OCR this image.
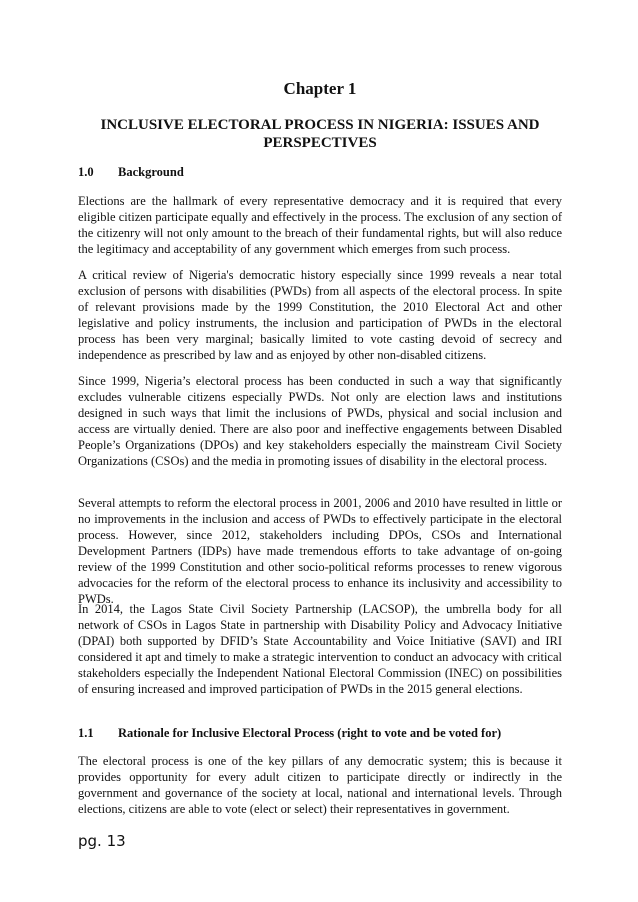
Chapter 1
INCLUSIVE ELECTORAL PROCESS IN NIGERIA: ISSUES AND PERSPECTIVES
1.0 Background

Elections are the hallmark of every representative democracy and it is required that every eligible citizen participate equally and effectively in the process. The exclusion of any section of the citizenry will not only amount to the breach of their fundamental rights, but will also reduce the legitimacy and acceptability of any government which emerges from such process.

A critical review of Nigeria's democratic history especially since 1999 reveals a near total exclusion of persons with disabilities (PWDs) from all aspects of the electoral process. In spite of relevant provisions made by the 1999 Constitution, the 2010 Electoral Act and other legislative and policy instruments, the inclusion and participation of PWDs in the electoral process has been very marginal; basically limited to vote casting devoid of secrecy and independence as prescribed by law and as enjoyed by other non-disabled citizens.

Since 1999, Nigeria’s electoral process has been conducted in such a way that significantly excludes vulnerable citizens especially PWDs. Not only are election laws and institutions designed in such ways that limit the inclusions of PWDs, physical and social inclusion and access are virtually denied. There are also poor and ineffective engagements between Disabled People’s Organizations (DPOs) and key stakeholders especially the mainstream Civil Society Organizations (CSOs) and the media in promoting issues of disability in the electoral process.

Several attempts to reform the electoral process in 2001, 2006 and 2010 have resulted in little or no improvements in the inclusion and access of PWDs to effectively participate in the electoral process. However, since 2012, stakeholders including DPOs, CSOs and International Development Partners (IDPs) have made tremendous efforts to take advantage of on-going review of the 1999 Constitution and other socio-political reforms processes to renew vigorous advocacies for the reform of the electoral process to enhance its inclusivity and accessibility to PWDs.

In 2014, the Lagos State Civil Society Partnership (LACSOP), the umbrella body for all network of CSOs in Lagos State in partnership with Disability Policy and Advocacy Initiative (DPAI) both supported by DFID’s State Accountability and Voice Initiative (SAVI) and IRI considered it apt and timely to make a strategic intervention to conduct an advocacy with critical stakeholders especially the Independent National Electoral Commission (INEC) on possibilities of ensuring increased and improved participation of PWDs in the 2015 general elections.

1.1 Rationale for Inclusive Electoral Process (right to vote and be voted for)

The electoral process is one of the key pillars of any democratic system; this is because it provides opportunity for every adult citizen to participate directly or indirectly in the government and governance of the society at local, national and international levels. Through elections, citizens are able to vote (elect or select) their representatives in government.

pg. 13
